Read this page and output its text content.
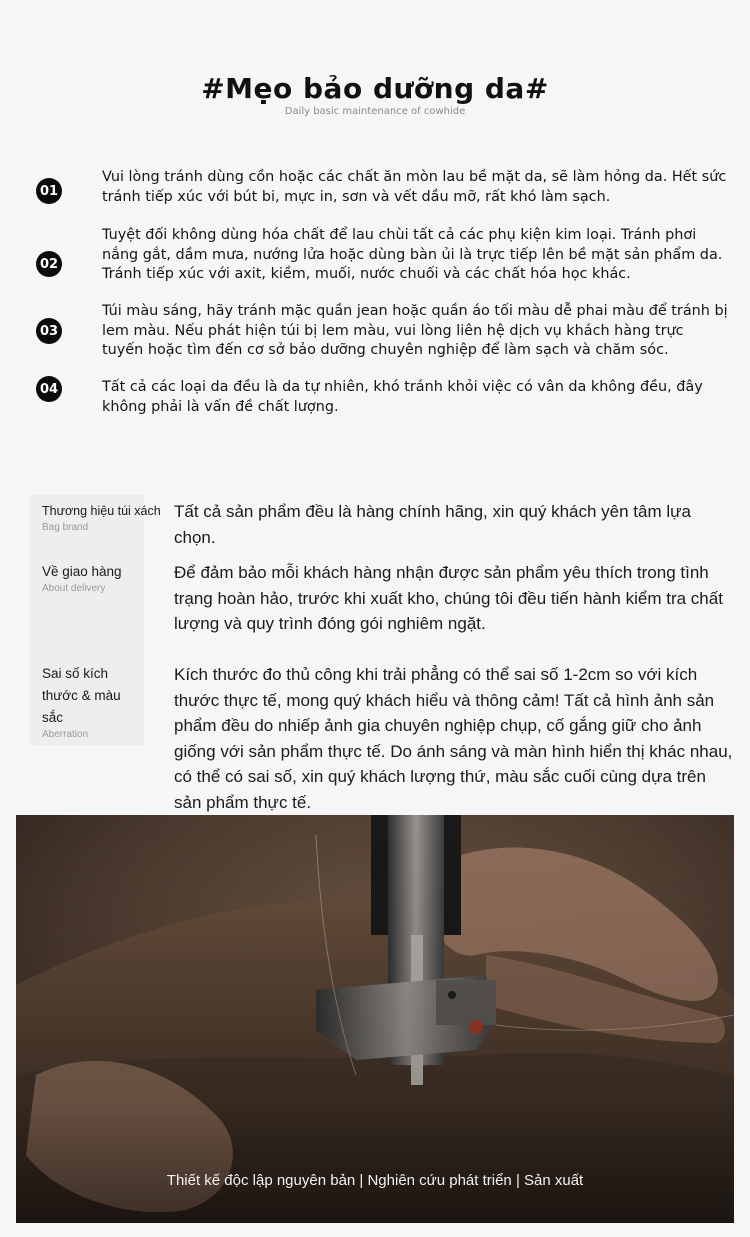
#Mẹo bảo dưỡng da#
Daily basic maintenance of cowhide
01
Vui lòng tránh dùng cồn hoặc các chất ăn mòn lau bề mặt da, sẽ làm hỏng da. Hết sức tránh tiếp xúc với bút bi, mực in, sơn và vết dầu mỡ, rất khó làm sạch.
02
Tuyệt đối không dùng hóa chất để lau chùi tất cả các phụ kiện kim loại. Tránh phơi nắng gắt, dầm mưa, nướng lửa hoặc dùng bàn ủi là trực tiếp lên bề mặt sản phẩm da. Tránh tiếp xúc với axit, kiềm, muối, nước chuối và các chất hóa học khác.
03
Túi màu sáng, hãy tránh mặc quần jean hoặc quần áo tối màu dễ phai màu để tránh bị lem màu. Nếu phát hiện túi bị lem màu, vui lòng liên hệ dịch vụ khách hàng trực tuyến hoặc tìm đến cơ sở bảo dưỡng chuyên nghiệp để làm sạch và chăm sóc.
04	Tất cả các loại da đều là da tự nhiên, khó tránh khỏi việc có vân da không đều, đây không phải là vấn đề chất lượng.
Thương hiệu túi xách
Bag brand
Tất cả sản phẩm đều là hàng chính hãng, xin quý khách yên tâm lựa chọn.
Về giao hàng
About delivery
Để đảm bảo mỗi khách hàng nhận được sản phẩm yêu thích trong tình trạng hoàn hảo, trước khi xuất kho, chúng tôi đều tiến hành kiểm tra chất lượng và quy trình đóng gói nghiêm ngặt.
Sai số kích thước & màu sắc
Aberration
Kích thước đo thủ công khi trải phẳng có thể sai số 1-2cm so với kích thước thực tế, mong quý khách hiểu và thông cảm! Tất cả hình ảnh sản phẩm đều do nhiếp ảnh gia chuyên nghiệp chụp, cố gắng giữ cho ảnh giống với sản phẩm thực tế. Do ánh sáng và màn hình hiển thị khác nhau, có thể có sai số, xin quý khách lượng thứ, màu sắc cuối cùng dựa trên sản phẩm thực tế.
Thiết kế độc lập nguyên bản | Nghiên cứu phát triển | Sản xuất
